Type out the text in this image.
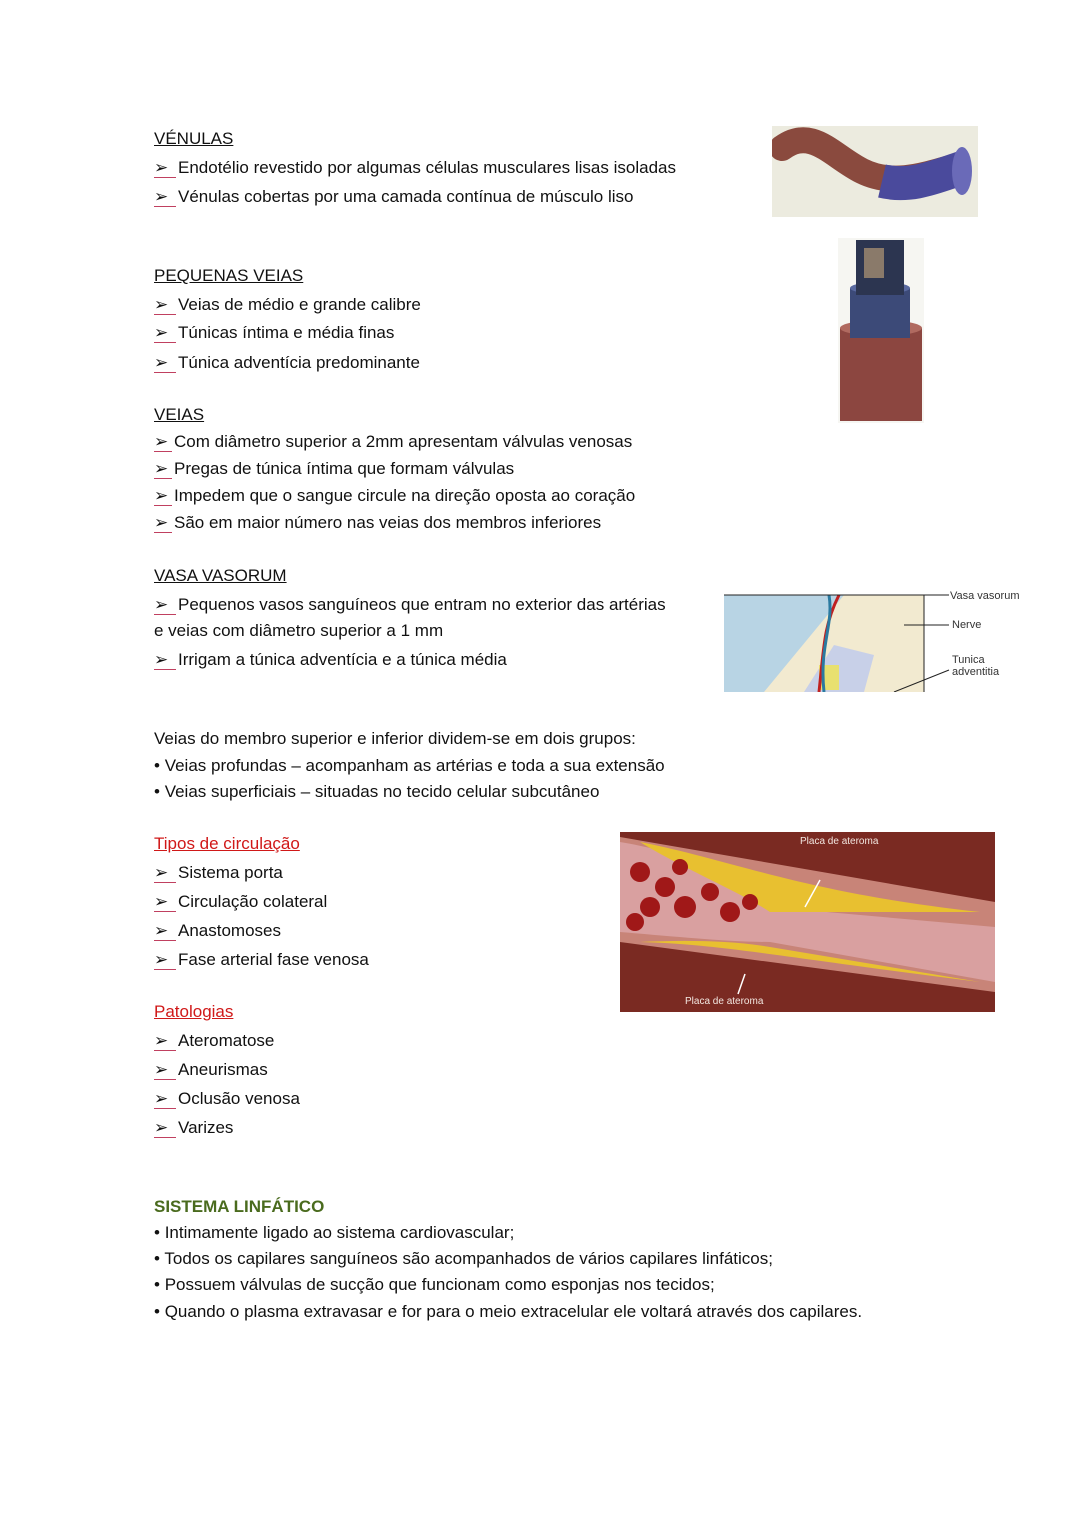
VÉNULAS
➢ Endotélio revestido por algumas células musculares lisas isoladas
➢ Vénulas cobertas por uma camada contínua de músculo liso
PEQUENAS VEIAS
➢ Veias de médio e grande calibre
➢ Túnicas íntima e média finas
➢ Túnica adventícia predominante
VEIAS
➢ Com diâmetro superior a 2mm apresentam válvulas venosas
➢ Pregas de túnica íntima que formam válvulas
➢ Impedem que o sangue circule na direção oposta ao coração
➢ São em maior número nas veias dos membros inferiores
VASA VASORUM
➢ Pequenos vasos sanguíneos que entram no exterior das artérias
e veias com diâmetro superior a 1 mm
➢ Irrigam a túnica adventícia e a túnica média
Veias do membro superior e inferior dividem-se em dois grupos:
• Veias profundas – acompanham as artérias e toda a sua extensão
• Veias superficiais – situadas no tecido celular subcutâneo
Tipos de circulação
➢ Sistema porta
➢ Circulação colateral
➢ Anastomoses
➢ Fase arterial fase venosa
Patologias
➢ Ateromatose
➢ Aneurismas
➢ Oclusão venosa
➢ Varizes
SISTEMA LINFÁTICO
• Intimamente ligado ao sistema cardiovascular;
• Todos os capilares sanguíneos são acompanhados de vários capilares linfáticos;
• Possuem válvulas de sucção que funcionam como esponjas nos tecidos;
• Quando o plasma extravasar e for para o meio extracelular ele voltará através dos capilares.
Vasa vasorum
Nerve
Tunica
adventitia
Placa de ateroma
Placa de ateroma
